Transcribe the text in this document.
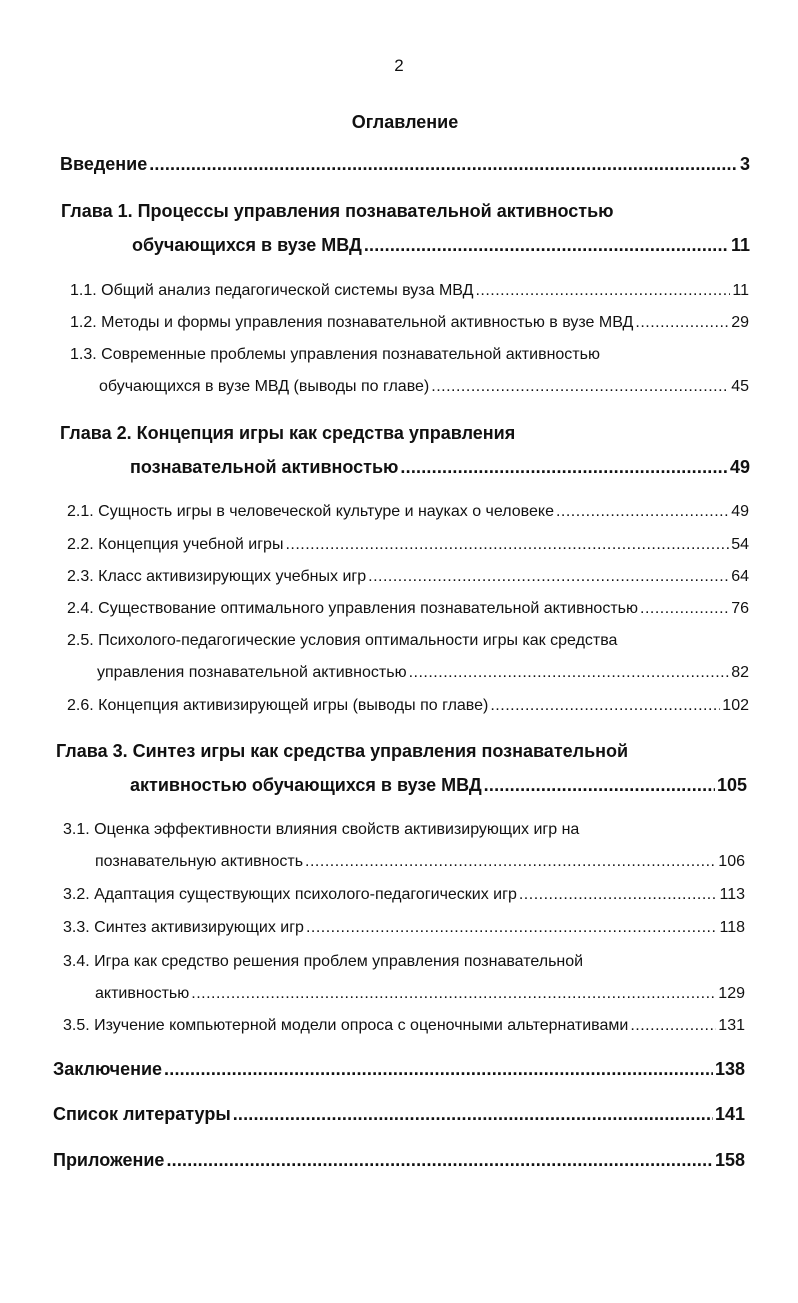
2
Оглавление
Введение .....	3
Глава 1. Процессы управления познавательной активностью
обучающихся в вузе МВД .....	11
1.1. Общий анализ педагогической системы вуза МВД .....	11
1.2. Методы и формы управления познавательной активностью в вузе МВД .....	29
1.3. Современные проблемы управления познавательной активностью
обучающихся в вузе МВД (выводы по главе) .....	45
Глава 2. Концепция игры как средства управления
познавательной активностью .....	49
2.1. Сущность игры в человеческой культуре и науках о человеке .....	49
2.2. Концепция учебной игры .....	54
2.3. Класс активизирующих учебных игр .....	64
2.4. Существование оптимального управления познавательной активностью .....	76
2.5. Психолого-педагогические условия оптимальности игры как средства
управления познавательной активностью .....	82
2.6. Концепция активизирующей игры (выводы по главе) .....	102
Глава 3. Синтез игры как средства управления познавательной
активностью обучающихся в вузе МВД .....	105
3.1. Оценка эффективности влияния свойств активизирующих игр на
познавательную активность .....	106
3.2. Адаптация существующих психолого-педагогических игр .....	113
3.3. Синтез активизирующих игр .....	118
3.4. Игра как средство решения проблем управления познавательной
активностью .....	129
3.5. Изучение компьютерной модели опроса с оценочными альтернативами .....	131
Заключение .....	138
Список литературы .....	141
Приложение .....	158
